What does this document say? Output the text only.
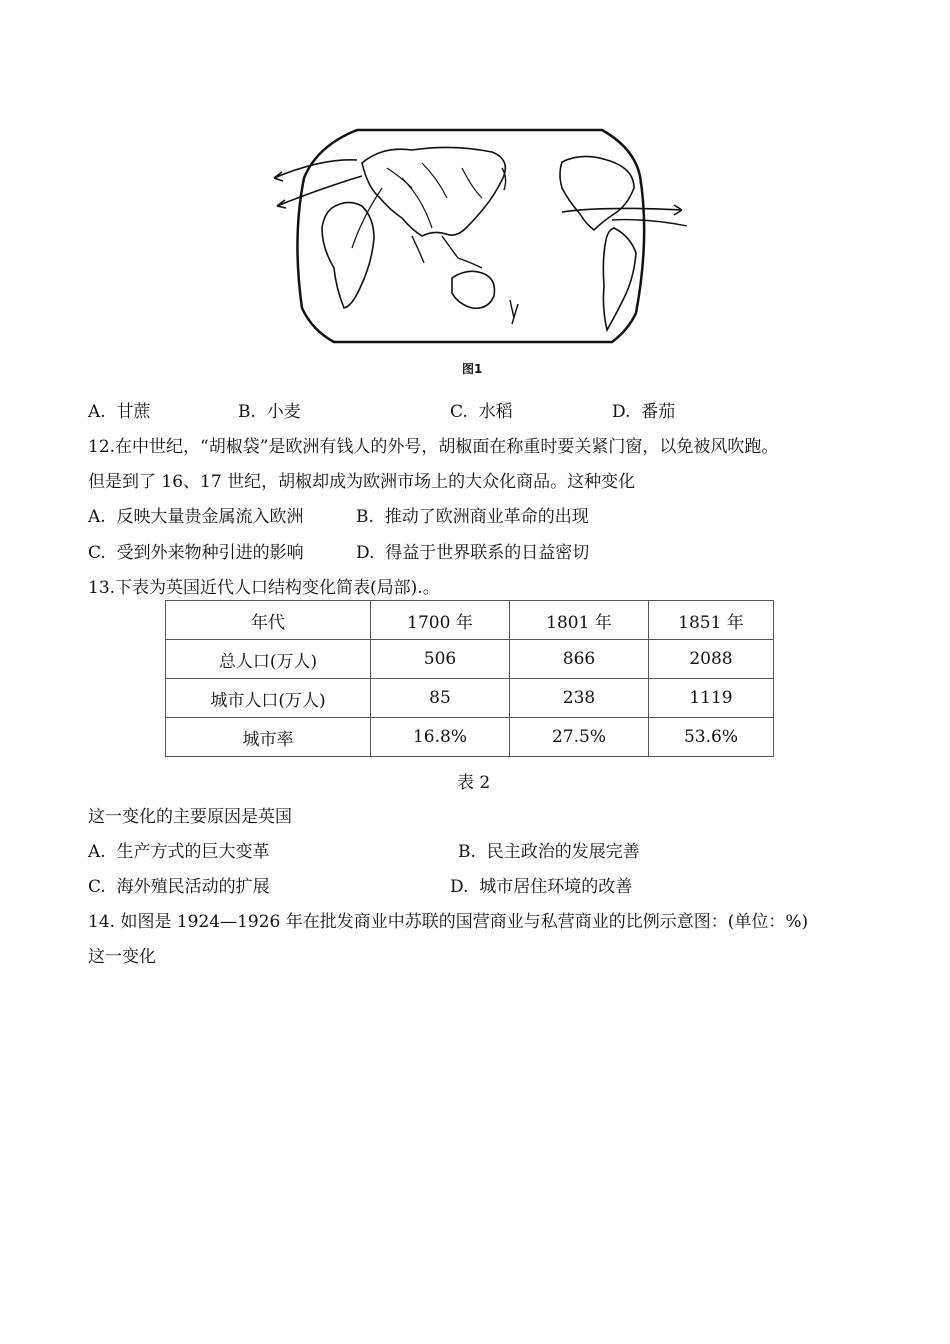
图1
A. 甘蔗	B. 小麦	C. 水稻	D. 番茄
12.在中世纪，“胡椒袋”是欧洲有钱人的外号，胡椒面在称重时要关紧门窗，以免被风吹跑。
但是到了 16、17 世纪，胡椒却成为欧洲市场上的大众化商品。这种变化
A. 反映大量贵金属流入欧洲	B. 推动了欧洲商业革命的出现
C. 受到外来物种引进的影响	D. 得益于世界联系的日益密切
13.下表为英国近代人口结构变化简表(局部).。
年代	1700 年	1801 年	1851 年
总人口(万人)	506	866	2088
城市人口(万人)	85	238	1119
城市率	16.8%	27.5%	53.6%
表 2
这一变化的主要原因是英国
A. 生产方式的巨大变革	B. 民主政治的发展完善
C. 海外殖民活动的扩展	D. 城市居住环境的改善
14. 如图是 1924—1926 年在批发商业中苏联的国营商业与私营商业的比例示意图：(单位：%)
这一变化
